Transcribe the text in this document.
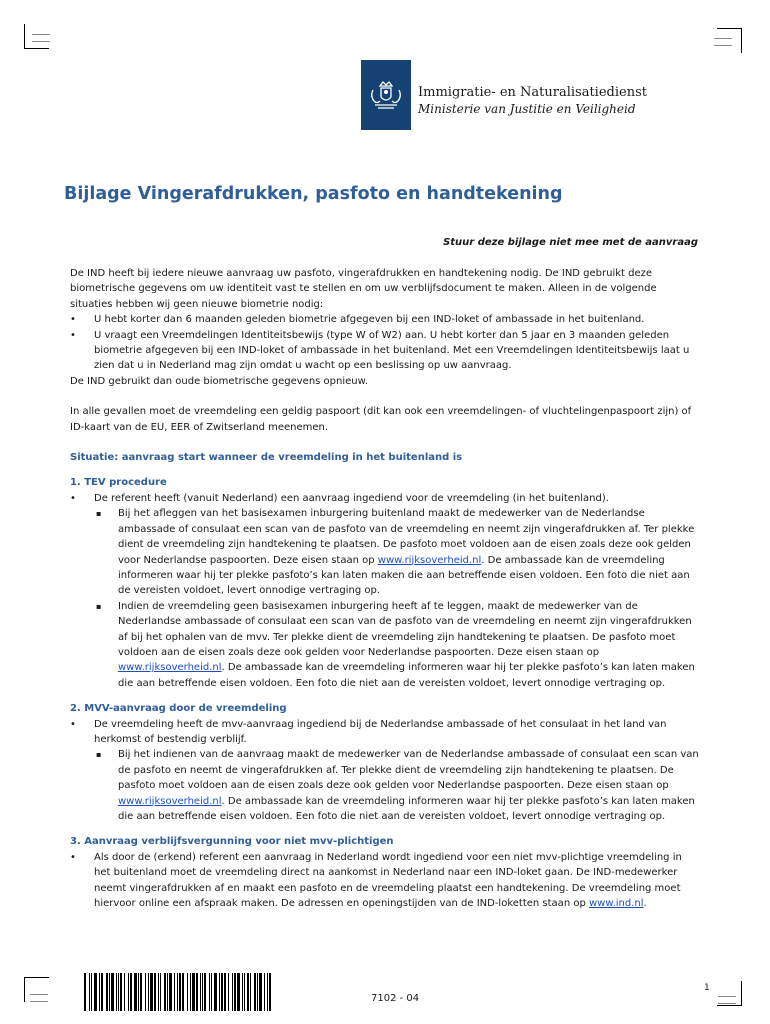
Immigratie- en Naturalisatiedienst
Ministerie van Justitie en Veiligheid
Bijlage Vingerafdrukken, pasfoto en handtekening
Stuur deze bijlage niet mee met de aanvraag

De IND heeft bij iedere nieuwe aanvraag uw pasfoto, vingerafdrukken en handtekening nodig. De IND gebruikt deze biometrische gegevens om uw identiteit vast te stellen en om uw verblijfsdocument te maken. Alleen in de volgende situaties hebben wij geen nieuwe biometrie nodig:

• U hebt korter dan 6 maanden geleden biometrie afgegeven bij een IND-loket of ambassade in het buitenland.
• U vraagt een Vreemdelingen Identiteitsbewijs (type W of W2) aan. U hebt korter dan 5 jaar en 3 maanden geleden biometrie afgegeven bij een IND-loket of ambassade in het buitenland. Met een Vreemdelingen Identiteitsbewijs laat u zien dat u in Nederland mag zijn omdat u wacht op een beslissing op uw aanvraag.

De IND gebruikt dan oude biometrische gegevens opnieuw.

In alle gevallen moet de vreemdeling een geldig paspoort (dit kan ook een vreemdelingen- of vluchtelingenpaspoort zijn) of ID-kaart van de EU, EER of Zwitserland meenemen.

Situatie: aanvraag start wanneer de vreemdeling in het buitenland is

1. TEV procedure

• De referent heeft (vanuit Nederland) een aanvraag ingediend voor de vreemdeling (in het buitenland).
▪ Bij het afleggen van het basisexamen inburgering buitenland maakt de medewerker van de Nederlandse ambassade of consulaat een scan van de pasfoto van de vreemdeling en neemt zijn vingerafdrukken af. Ter plekke dient de vreemdeling zijn handtekening te plaatsen. De pasfoto moet voldoen aan de eisen zoals deze ook gelden voor Nederlandse paspoorten. Deze eisen staan op www.rijksoverheid.nl. De ambassade kan de vreemdeling informeren waar hij ter plekke pasfoto’s kan laten maken die aan betreffende eisen voldoen. Een foto die niet aan de vereisten voldoet, levert onnodige vertraging op.
▪ Indien de vreemdeling geen basisexamen inburgering heeft af te leggen, maakt de medewerker van de Nederlandse ambassade of consulaat een scan van de pasfoto van de vreemdeling en neemt zijn vingerafdrukken af bij het ophalen van de mvv. Ter plekke dient de vreemdeling zijn handtekening te plaatsen. De pasfoto moet voldoen aan de eisen zoals deze ook gelden voor Nederlandse paspoorten. Deze eisen staan op www.rijksoverheid.nl. De ambassade kan de vreemdeling informeren waar hij ter plekke pasfoto’s kan laten maken die aan betreffende eisen voldoen. Een foto die niet aan de vereisten voldoet, levert onnodige vertraging op.

2. MVV-aanvraag door de vreemdeling

• De vreemdeling heeft de mvv-aanvraag ingediend bij de Nederlandse ambassade of het consulaat in het land van herkomst of bestendig verblijf.
▪ Bij het indienen van de aanvraag maakt de medewerker van de Nederlandse ambassade of consulaat een scan van de pasfoto en neemt de vingerafdrukken af. Ter plekke dient de vreemdeling zijn handtekening te plaatsen. De pasfoto moet voldoen aan de eisen zoals deze ook gelden voor Nederlandse paspoorten. Deze eisen staan op www.rijksoverheid.nl. De ambassade kan de vreemdeling informeren waar hij ter plekke pasfoto’s kan laten maken die aan betreffende eisen voldoen. Een foto die niet aan de vereisten voldoet, levert onnodige vertraging op.

3. Aanvraag verblijfsvergunning voor niet mvv-plichtigen

• Als door de (erkend) referent een aanvraag in Nederland wordt ingediend voor een niet mvv-plichtige vreemdeling in het buitenland moet de vreemdeling direct na aankomst in Nederland naar een IND-loket gaan. De IND-medewerker neemt vingerafdrukken af en maakt een pasfoto en de vreemdeling plaatst een handtekening. De vreemdeling moet hiervoor online een afspraak maken. De adressen en openingstijden van de IND-loketten staan op www.ind.nl.
7102 - 04
1
